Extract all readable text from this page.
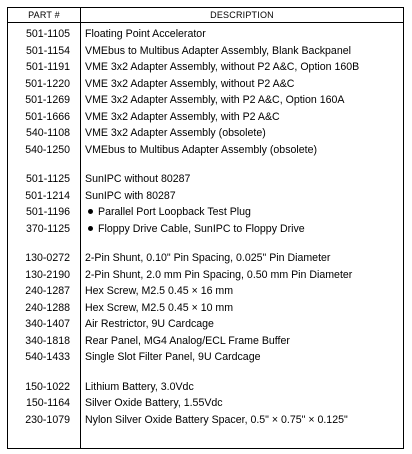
PART #	DESCRIPTION
501-1105 Floating Point Accelerator
501-1154 VMEbus to Multibus Adapter Assembly, Blank Backpanel
501-1191 VME 3x2 Adapter Assembly, without P2 A&C, Option 160B
501-1220 VME 3x2 Adapter Assembly, without P2 A&C
501-1269 VME 3x2 Adapter Assembly, with P2 A&C, Option 160A
501-1666 VME 3x2 Adapter Assembly, with P2 A&C
540-1108 VME 3x2 Adapter Assembly (obsolete)
540-1250 VMEbus to Multibus Adapter Assembly (obsolete)
501-1125 SunIPC without 80287
501-1214 SunIPC with 80287
501-1196	Parallel Port Loopback Test Plug
370-1125	Floppy Drive Cable, SunIPC to Floppy Drive
130-0272 2-Pin Shunt, 0.10" Pin Spacing, 0.025" Pin Diameter
130-2190 2-Pin Shunt, 2.0 mm Pin Spacing, 0.50 mm Pin Diameter
240-1287 Hex Screw, M2.5 0.45 × 16 mm
240-1288 Hex Screw, M2.5 0.45 × 10 mm
340-1407 Air Restrictor, 9U Cardcage
340-1818 Rear Panel, MG4 Analog/ECL Frame Buffer
540-1433 Single Slot Filter Panel, 9U Cardcage
150-1022 Lithium Battery, 3.0Vdc
150-1164 Silver Oxide Battery, 1.55Vdc
230-1079 Nylon Silver Oxide Battery Spacer, 0.5" × 0.75" × 0.125"
